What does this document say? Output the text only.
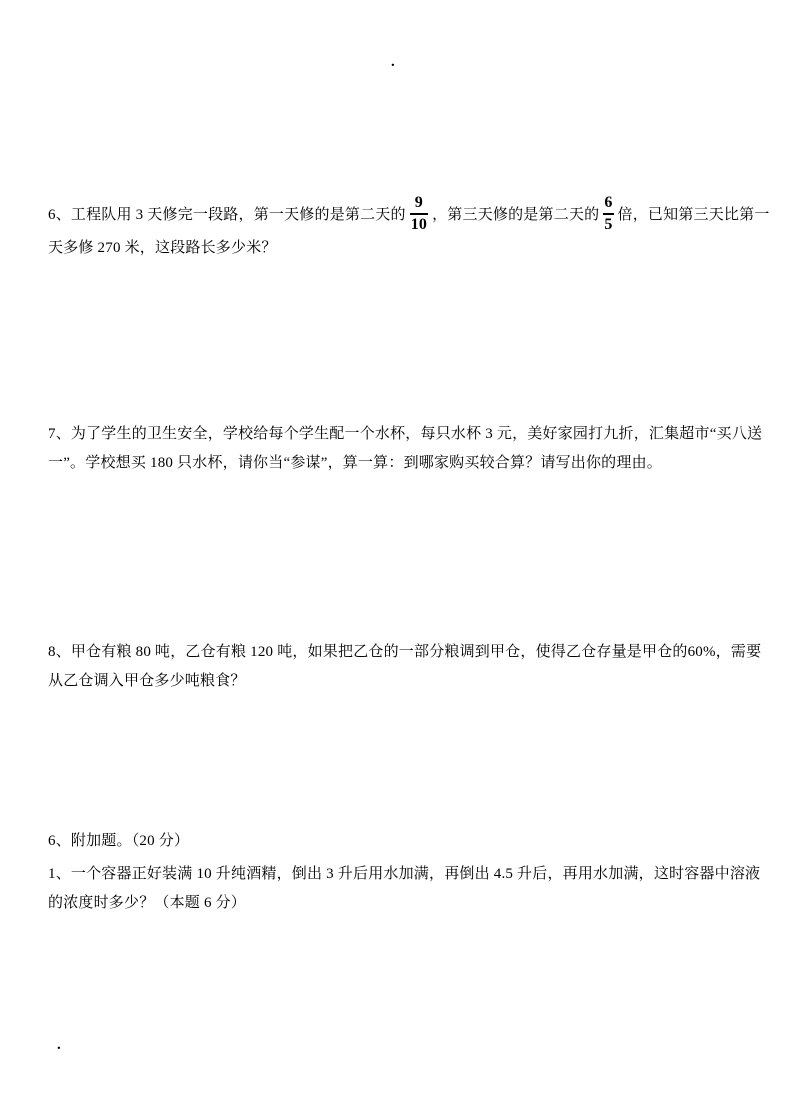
.
6、工程队用 3 天修完一段路，第一天修的是第二天的 $\frac{9}{10}$ ，第三天修的是第二天的 $\frac{6}{5}$ 倍，已知第三天比第一
天多修 270 米，这段路长多少米？
7、为了学生的卫生安全，学校给每个学生配一个水杯，每只水杯 3 元，美好家园打九折，汇集超市“买八送
一”。学校想买 180 只水杯，请你当“参谋”，算一算：到哪家购买较合算？请写出你的理由。
8、甲仓有粮 80 吨，乙仓有粮 120 吨，如果把乙仓的一部分粮调到甲仓，使得乙仓存量是甲仓的60%，需要
从乙仓调入甲仓多少吨粮食？
6、附加题。（20 分）
1、一个容器正好装满 10 升纯酒精，倒出 3 升后用水加满，再倒出 4.5 升后，再用水加满，这时容器中溶液
的浓度时多少？（本题 6 分）
.
